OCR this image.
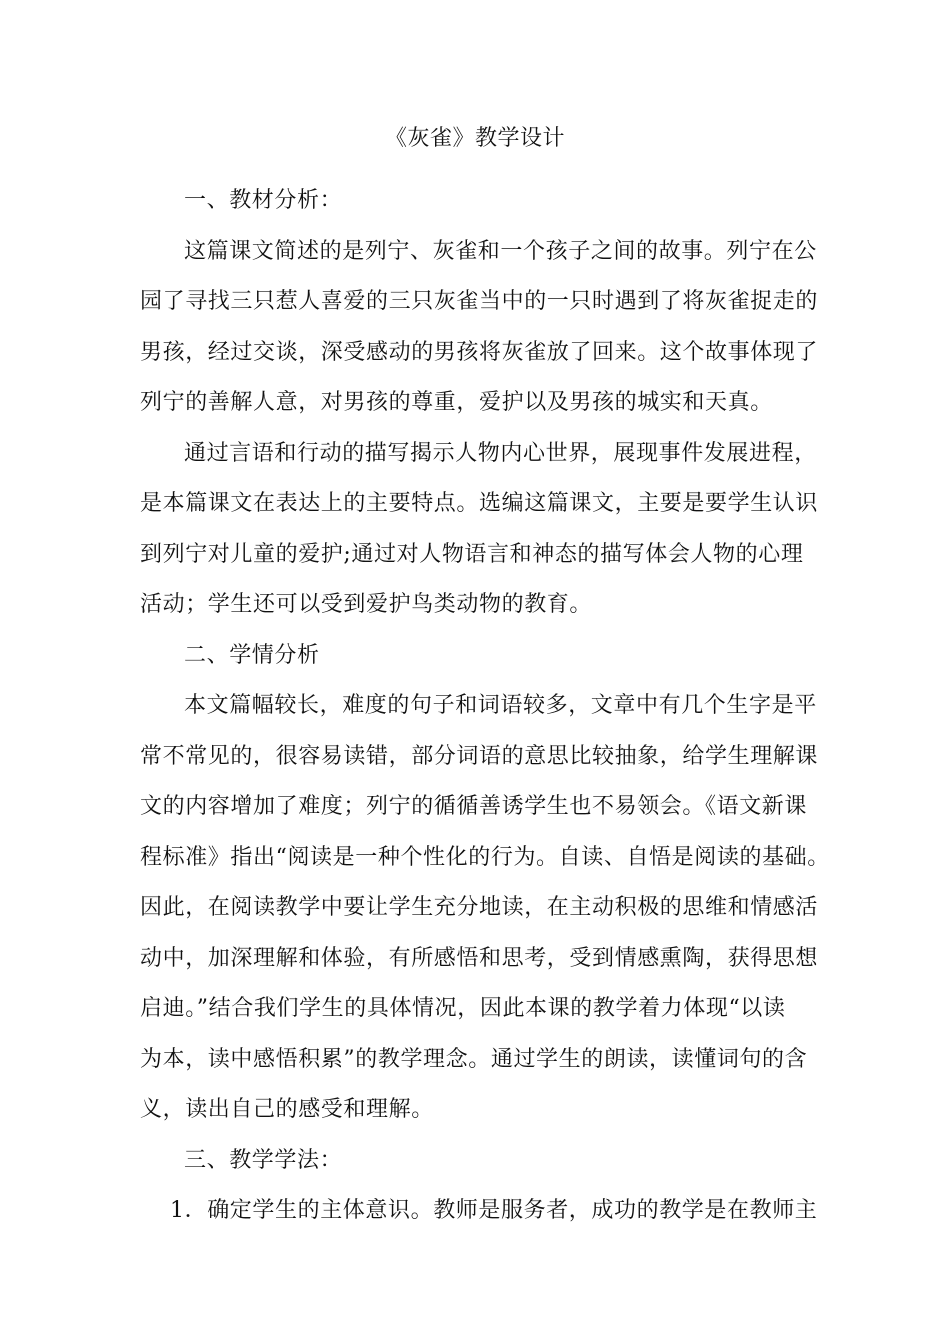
《灰雀》教学设计
一、教材分析：
这篇课文简述的是列宁、灰雀和一个孩子之间的故事。列宁在公
园了寻找三只惹人喜爱的三只灰雀当中的一只时遇到了将灰雀捉走的
男孩，经过交谈，深受感动的男孩将灰雀放了回来。这个故事体现了
列宁的善解人意，对男孩的尊重，爱护以及男孩的城实和天真。
通过言语和行动的描写揭示人物内心世界，展现事件发展进程，
是本篇课文在表达上的主要特点。选编这篇课文，主要是要学生认识
到列宁对儿童的爱护;通过对人物语言和神态的描写体会人物的心理
活动；学生还可以受到爱护鸟类动物的教育。
二、学情分析
本文篇幅较长，难度的句子和词语较多，文章中有几个生字是平
常不常见的，很容易读错，部分词语的意思比较抽象，给学生理解课
文的内容增加了难度；列宁的循循善诱学生也不易领会。《语文新课
程标准》指出“阅读是一种个性化的行为。自读、自悟是阅读的基础。
因此，在阅读教学中要让学生充分地读，在主动积极的思维和情感活
动中，加深理解和体验，有所感悟和思考，受到情感熏陶，获得思想
启迪。”结合我们学生的具体情况，因此本课的教学着力体现“以读
为本，读中感悟积累”的教学理念。通过学生的朗读，读懂词句的含
义，读出自己的感受和理解。
三、教学学法：
1．确定学生的主体意识。教师是服务者，成功的教学是在教师主
